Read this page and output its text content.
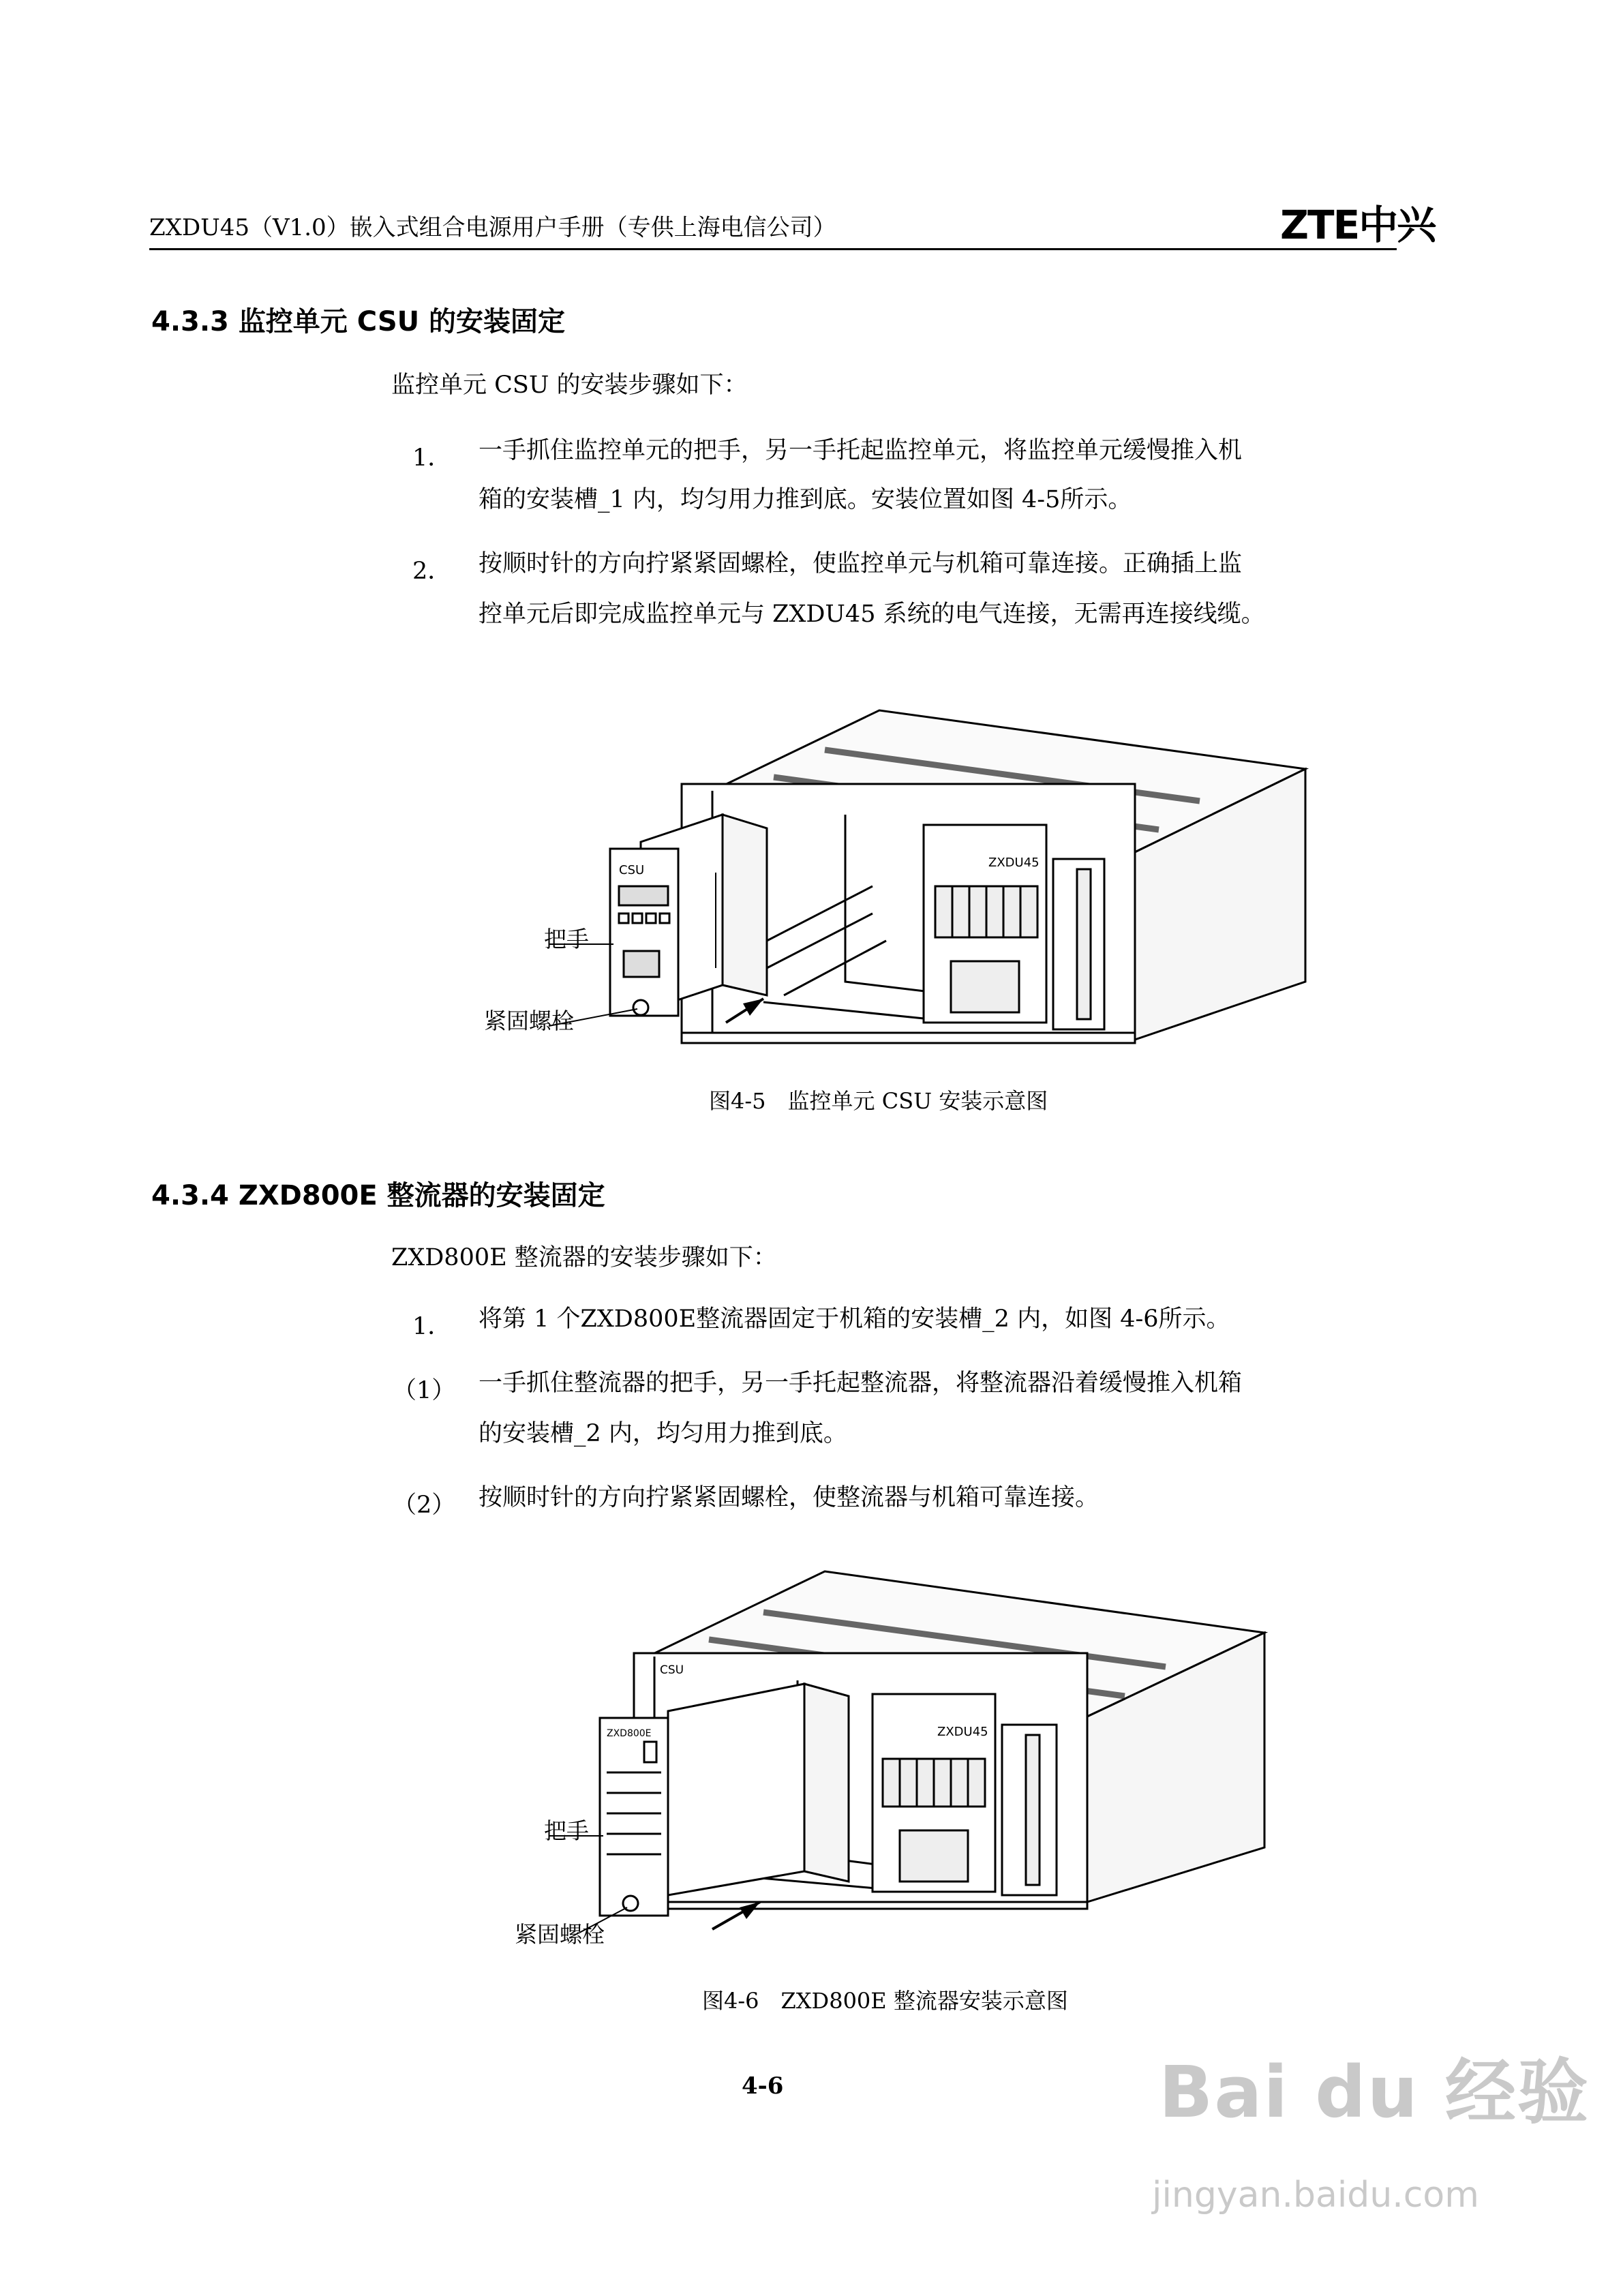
ZXDU45（V1.0）嵌入式组合电源用户手册（专供上海电信公司）	ZTE中兴
4.3.3 监控单元 CSU 的安装固定
监控单元 CSU 的安装步骤如下：
1． 一手抓住监控单元的把手，另一手托起监控单元，将监控单元缓慢推入机
箱的安装槽_1 内，均匀用力推到底。安装位置如图 4-5所示。
2． 按顺时针的方向拧紧紧固螺栓，使监控单元与机箱可靠连接。正确插上监
控单元后即完成监控单元与 ZXDU45 系统的电气连接，无需再连接线缆。
CSU
ZXDU45
把手
紧固螺栓
图4-5　监控单元 CSU 安装示意图
4.3.4 ZXD800E 整流器的安装固定
ZXD800E 整流器的安装步骤如下：
1． 将第 1 个ZXD800E整流器固定于机箱的安装槽_2 内，如图 4-6所示。
（1） 一手抓住整流器的把手，另一手托起整流器，将整流器沿着缓慢推入机箱
的安装槽_2 内，均匀用力推到底。
（2） 按顺时针的方向拧紧紧固螺栓，使整流器与机箱可靠连接。
ZXD800E
CSU
ZXDU45
把手
紧固螺栓
图4-6　ZXD800E 整流器安装示意图
4-6	Bai du 经验
jingyan.baidu.com
